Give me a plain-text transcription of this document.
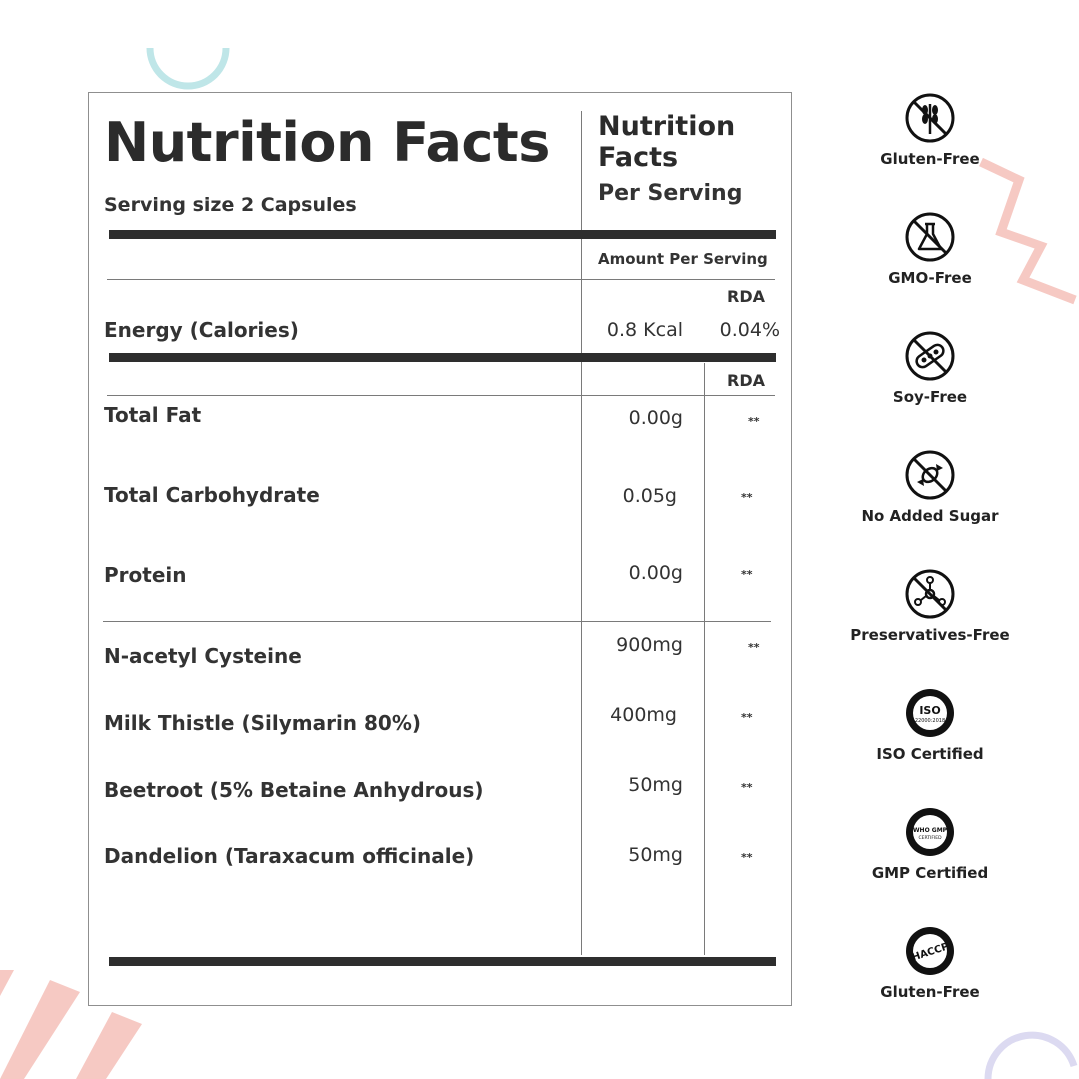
Nutrition Facts
Serving size 2 Capsules
Nutrition Facts
Per Serving
Amount Per Serving
RDA
Energy (Calories)	0.8 Kcal	0.04%
RDA
Total Fat	0.00g	**
Total Carbohydrate	0.05g	**
Protein	0.00g	**
N-acetyl Cysteine	900mg	**
Milk Thistle (Silymarin 80%)	400mg	**
Beetroot (5% Betaine Anhydrous)	50mg	**
Dandelion (Taraxacum officinale)	50mg	**
Gluten-Free
GMO-Free
Soy-Free
No Added Sugar
Preservatives-Free
ISO
22000:2018
ISO Certified
WHO GMP
CERTIFIED
GMP Certified
HACCP
Gluten-Free
